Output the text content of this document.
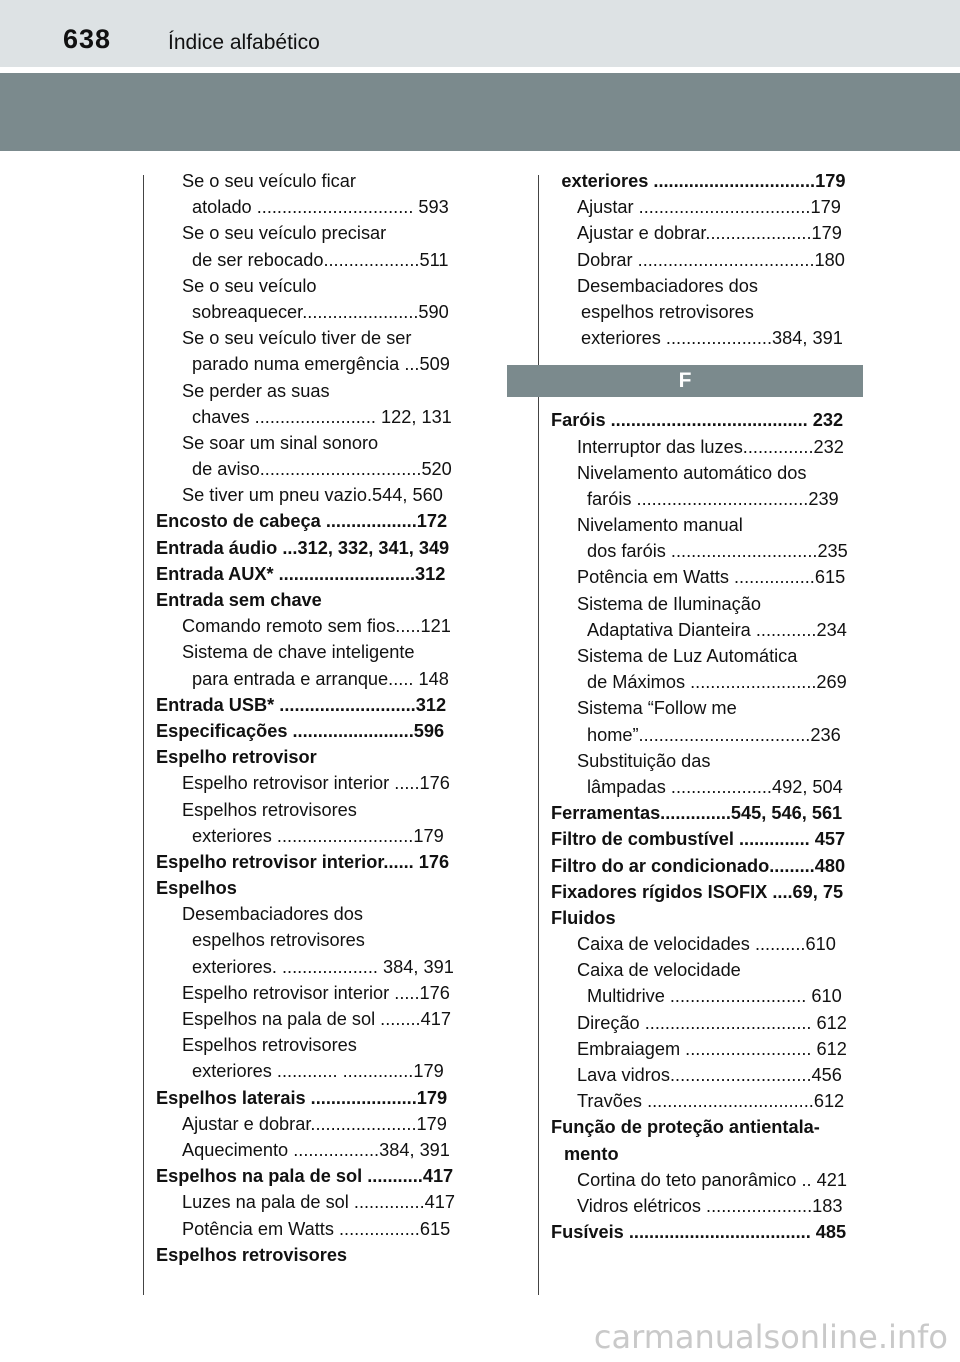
638	Índice alfabético
Se o seu veículo ficar
atolado ............................... 593
Se o seu veículo precisar
de ser rebocado...................511
Se o seu veículo
sobreaquecer.......................590
Se o seu veículo tiver de ser
parado numa emergência ...509
Se perder as suas
chaves ........................ 122, 131
Se soar um sinal sonoro
de aviso................................520
Se tiver um pneu vazio.544, 560
Encosto de cabeça ..................172
Entrada áudio ...312, 332, 341, 349
Entrada AUX* ...........................312
Entrada sem chave
Comando remoto sem fios.....121
Sistema de chave inteligente
para entrada e arranque..... 148
Entrada USB* ...........................312
Especificações ........................596
Espelho retrovisor
Espelho retrovisor interior .....176
Espelhos retrovisores
exteriores ...........................179
Espelho retrovisor interior...... 176
Espelhos
Desembaciadores dos
espelhos retrovisores
exteriores. ................... 384, 391
Espelho retrovisor interior .....176
Espelhos na pala de sol ........417
Espelhos retrovisores
exteriores ............ ..............179
Espelhos laterais .....................179
Ajustar e dobrar.....................179
Aquecimento .................384, 391
Espelhos na pala de sol ...........417
Luzes na pala de sol ..............417
Potência em Watts ................615
Espelhos retrovisores
exteriores ................................179
Ajustar ..................................179
Ajustar e dobrar.....................179
Dobrar ...................................180
Desembaciadores dos
espelhos retrovisores
exteriores .....................384, 391
F
Faróis ....................................... 232
Interruptor das luzes..............232
Nivelamento automático dos
faróis ..................................239
Nivelamento manual
dos faróis .............................235
Potência em Watts ................615
Sistema de Iluminação
Adaptativa Dianteira ............234
Sistema de Luz Automática
de Máximos .........................269
Sistema “Follow me
home”..................................236
Substituição das
lâmpadas ....................492, 504
Ferramentas..............545, 546, 561
Filtro de combustível .............. 457
Filtro do ar condicionado.........480
Fixadores rígidos ISOFIX ....69, 75
Fluidos
Caixa de velocidades ..........610
Caixa de velocidade
Multidrive ........................... 610
Direção ................................. 612
Embraiagem ......................... 612
Lava vidros............................456
Travões .................................612
Função de proteção antientala-
mento
Cortina do teto panorâmico .. 421
Vidros elétricos .....................183
Fusíveis .................................... 485
carmanualsonline.info
